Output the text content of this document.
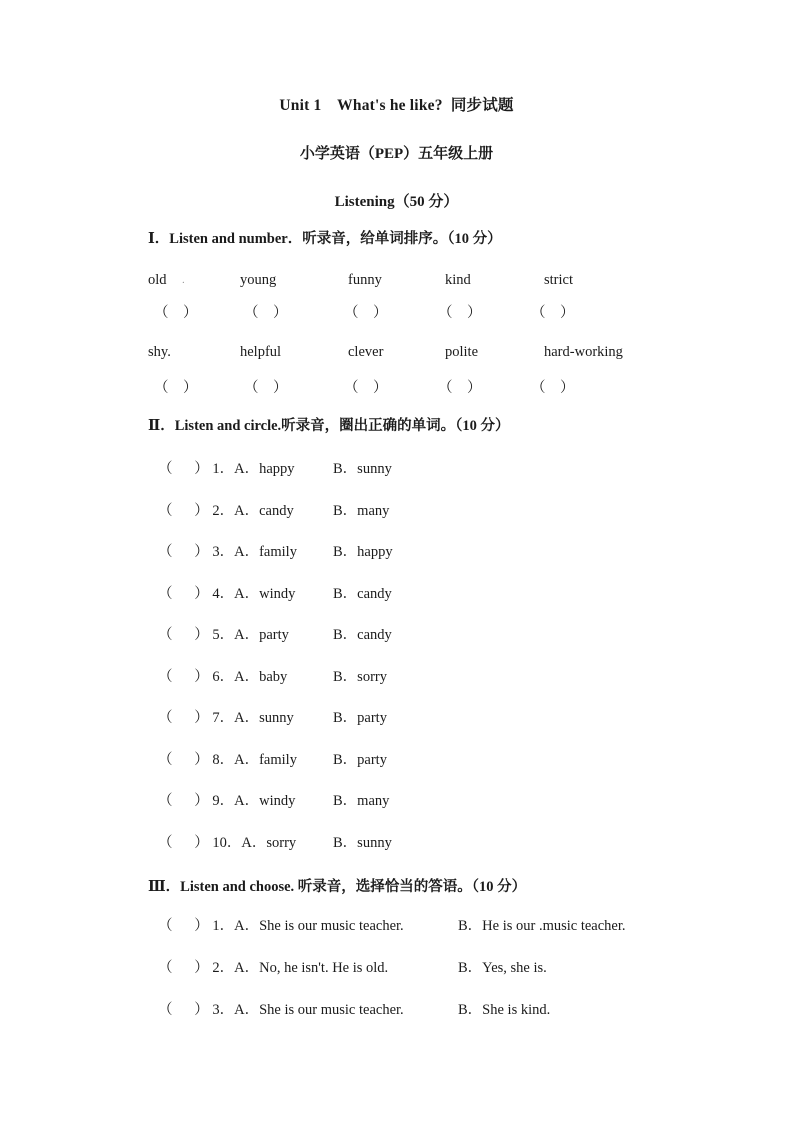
Unit 1　What's he like?  同步试题
小学英语（PEP）五年级上册
Listening（50 分）
Ⅰ．Listen and number．听录音，给单词排序。（10 分）
old .	young	funny	kind	strict
（　）	（　）	（　）	（　）	（　）
shy.	helpful	clever	polite	hard-working
（　）	（　）	（　）	（　）	（　）
Ⅱ．Listen and circle.听录音，圈出正确的单词。（10 分）
（      ） 1．A．happy	B．sunny
（      ） 2．A．candy	B．many
（      ） 3．A．family B．happy
（      ） 4．A．windy	B．candy
（      ） 5．A．party	B．candy
（      ） 6．A．baby	B．sorry
（      ） 7．A．sunny	B．party
（      ） 8．A．family B．party
（      ） 9．A．windy	B．many
（      ） 10．A．sorry	B．sunny
Ⅲ．Listen and choose. 听录音，选择恰当的答语。（10 分）
（      ） 1．A．She is our music teacher.	B．He is our .music teacher.
（      ） 2．A．No, he isn't. He is old.	B．Yes, she is.
（      ） 3．A．She is our music teacher.	B．She is kind.
